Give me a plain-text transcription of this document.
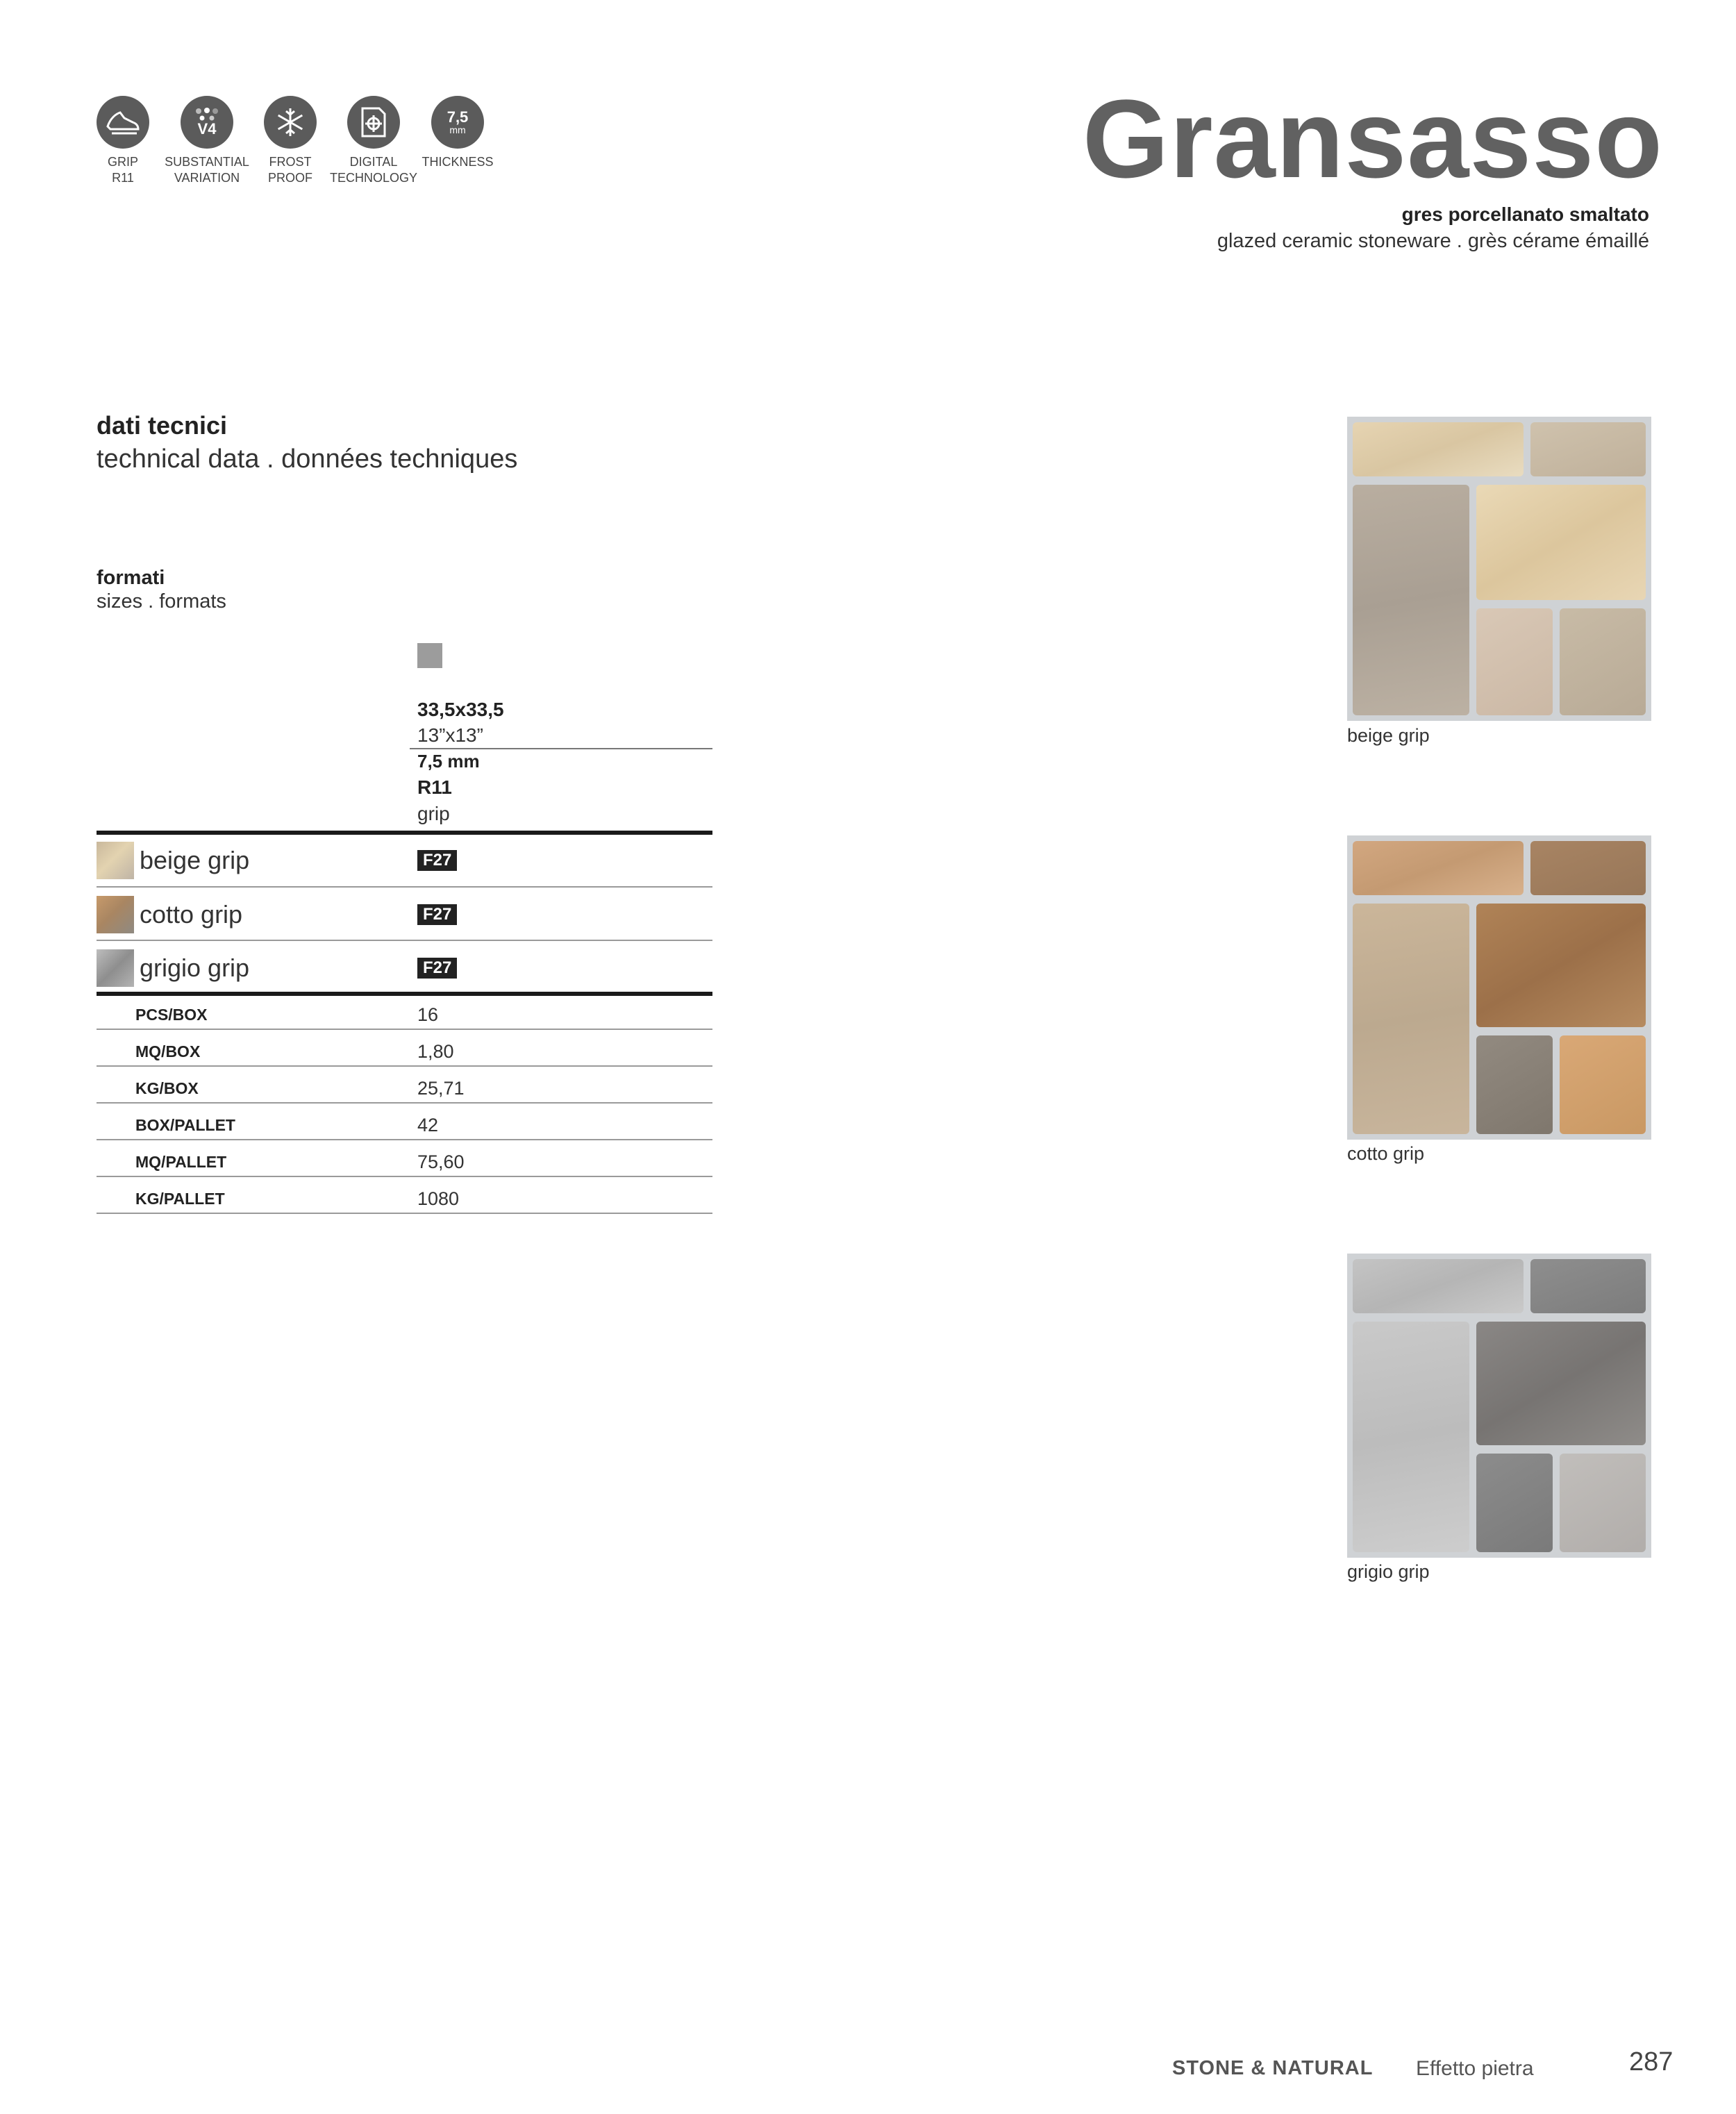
GRIP
R11
V4
SUBSTANTIAL
VARIATION
FROST
PROOF
DIGITAL
TECHNOLOGY
7,5
mm
THICKNESS	Gransasso
gres porcellanato smaltato
glazed ceramic stoneware . grès cérame émaillé
dati tecnici
technical data . données techniques
formati
sizes . formats
33,5x33,5
13”x13”
7,5 mm
R11
grip
beige grip	F27
cotto grip	F27
grigio grip	F27
PCS/BOX	16
MQ/BOX	1,80
KG/BOX	25,71
BOX/PALLET	42
MQ/PALLET	75,60
KG/PALLET	1080
beige grip
cotto grip
grigio grip
STONE & NATURAL Effetto pietra	287
